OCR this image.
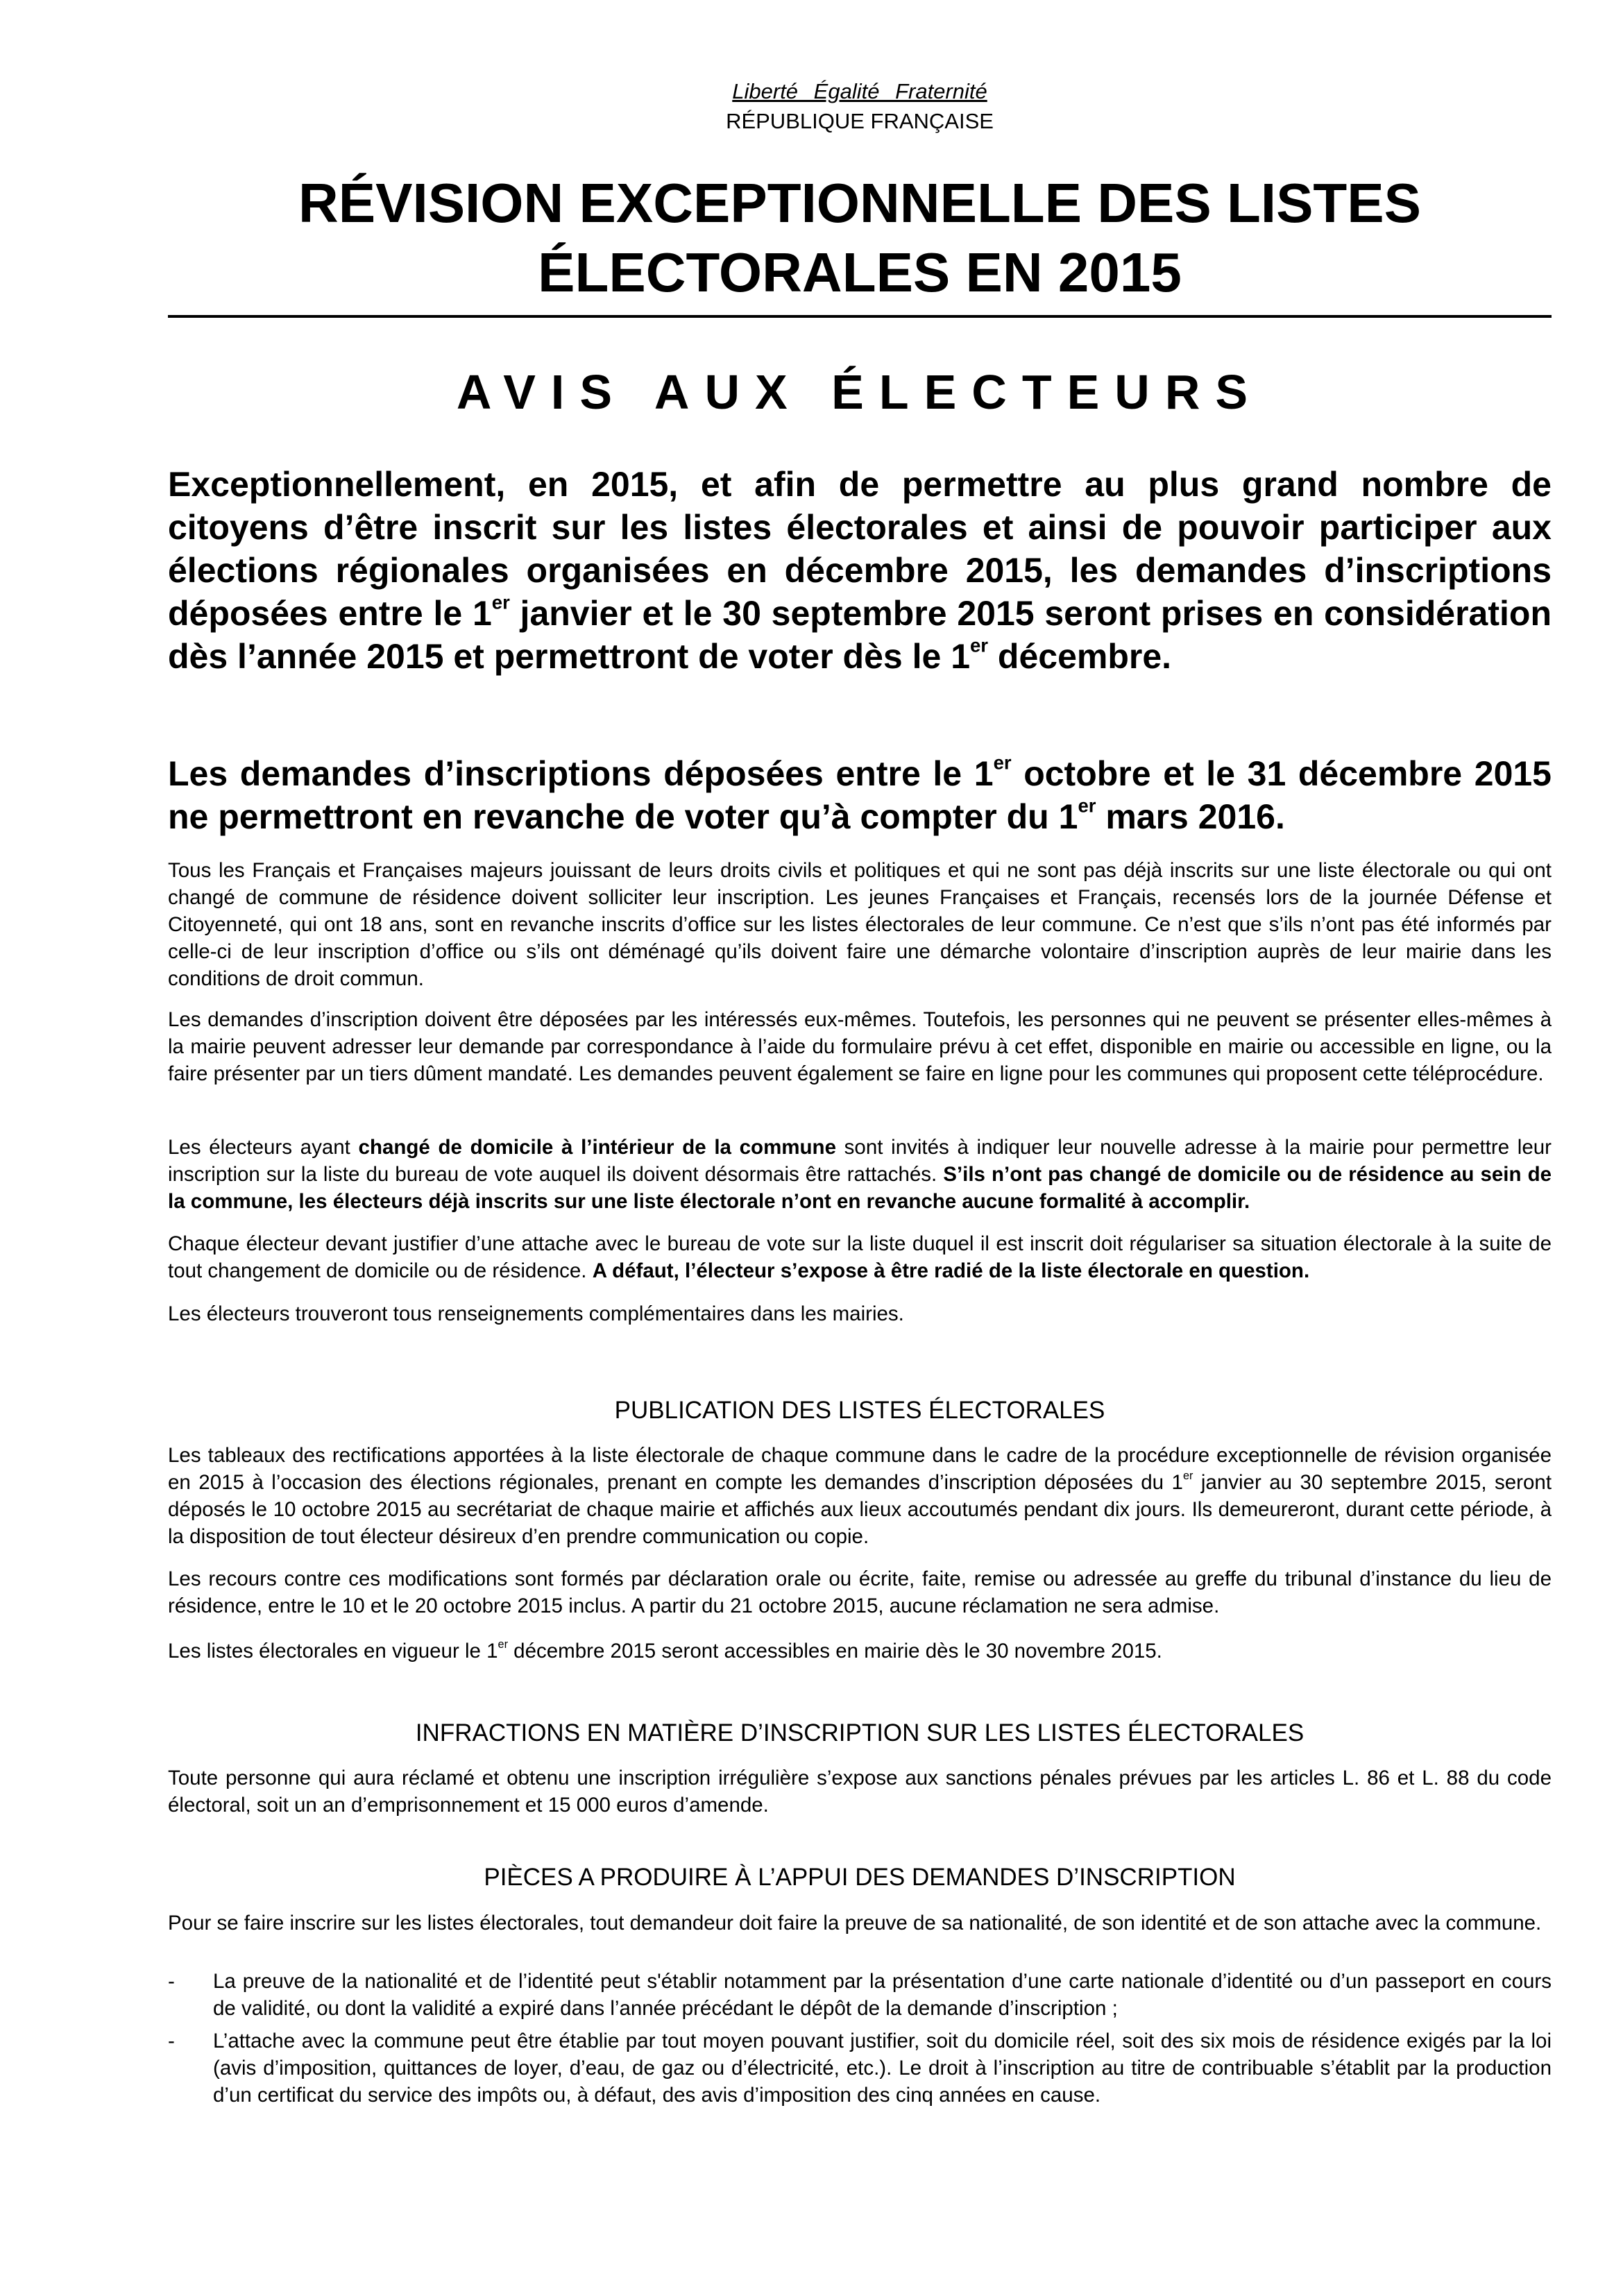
Liberté Égalité Fraternité
RÉPUBLIQUE FRANÇAISE
RÉVISION EXCEPTIONNELLE DES LISTES
ÉLECTORALES EN 2015
AVIS AUX ÉLECTEURS

Exceptionnellement, en 2015, et afin de permettre au plus grand nombre de citoyens d’être inscrit sur les listes électorales et ainsi de pouvoir participer aux élections régionales organisées en décembre 2015, les demandes d’inscriptions déposées entre le 1er janvier et le 30 septembre 2015 seront prises en considération dès l’année 2015 et permettront de voter dès le 1er décembre.

Les demandes d’inscriptions déposées entre le 1er octobre et le 31 décembre 2015 ne permettront en revanche de voter qu’à compter du 1er mars 2016.

Tous les Français et Françaises majeurs jouissant de leurs droits civils et politiques et qui ne sont pas déjà inscrits sur une liste électorale ou qui ont changé de commune de résidence doivent solliciter leur inscription. Les jeunes Françaises et Français, recensés lors de la journée Défense et Citoyenneté, qui ont 18 ans, sont en revanche inscrits d’office sur les listes électorales de leur commune. Ce n’est que s’ils n’ont pas été informés par celle-ci de leur inscription d’office ou s’ils ont déménagé qu’ils doivent faire une démarche volontaire d’inscription auprès de leur mairie dans les conditions de droit commun.

Les demandes d’inscription doivent être déposées par les intéressés eux-mêmes. Toutefois, les personnes qui ne peuvent se présenter elles-mêmes à la mairie peuvent adresser leur demande par correspondance à l’aide du formulaire prévu à cet effet, disponible en mairie ou accessible en ligne, ou la faire présenter par un tiers dûment mandaté. Les demandes peuvent également se faire en ligne pour les communes qui proposent cette téléprocédure.

Les électeurs ayant changé de domicile à l’intérieur de la commune sont invités à indiquer leur nouvelle adresse à la mairie pour permettre leur inscription sur la liste du bureau de vote auquel ils doivent désormais être rattachés. S’ils n’ont pas changé de domicile ou de résidence au sein de la commune, les électeurs déjà inscrits sur une liste électorale n’ont en revanche aucune formalité à accomplir.

Chaque électeur devant justifier d’une attache avec le bureau de vote sur la liste duquel il est inscrit doit régulariser sa situation électorale à la suite de tout changement de domicile ou de résidence. A défaut, l’électeur s’expose à être radié de la liste électorale en question.

Les électeurs trouveront tous renseignements complémentaires dans les mairies.

PUBLICATION DES LISTES ÉLECTORALES

Les tableaux des rectifications apportées à la liste électorale de chaque commune dans le cadre de la procédure exceptionnelle de révision organisée en 2015 à l’occasion des élections régionales, prenant en compte les demandes d’inscription déposées du 1er janvier au 30 septembre 2015, seront déposés le 10 octobre 2015 au secrétariat de chaque mairie et affichés aux lieux accoutumés pendant dix jours. Ils demeureront, durant cette période, à la disposition de tout électeur désireux d’en prendre communication ou copie.

Les recours contre ces modifications sont formés par déclaration orale ou écrite, faite, remise ou adressée au greffe du tribunal d’instance du lieu de résidence, entre le 10 et le 20 octobre 2015 inclus. A partir du 21 octobre 2015, aucune réclamation ne sera admise.

Les listes électorales en vigueur le 1er décembre 2015 seront accessibles en mairie dès le 30 novembre 2015.

INFRACTIONS EN MATIÈRE D’INSCRIPTION SUR LES LISTES ÉLECTORALES

Toute personne qui aura réclamé et obtenu une inscription irrégulière s’expose aux sanctions pénales prévues par les articles L. 86 et L. 88 du code électoral, soit un an d’emprisonnement et 15 000 euros d’amende.

PIÈCES A PRODUIRE À L’APPUI DES DEMANDES D’INSCRIPTION

Pour se faire inscrire sur les listes électorales, tout demandeur doit faire la preuve de sa nationalité, de son identité et de son attache avec la commune.

- La preuve de la nationalité et de l’identité peut s'établir notamment par la présentation d’une carte nationale d’identité ou d’un passeport en cours de validité, ou dont la validité a expiré dans l’année précédant le dépôt de la demande d’inscription ;
- L’attache avec la commune peut être établie par tout moyen pouvant justifier, soit du domicile réel, soit des six mois de résidence exigés par la loi (avis d’imposition, quittances de loyer, d’eau, de gaz ou d’électricité, etc.). Le droit à l’inscription au titre de contribuable s’établit par la production d’un certificat du service des impôts ou, à défaut, des avis d’imposition des cinq années en cause.
